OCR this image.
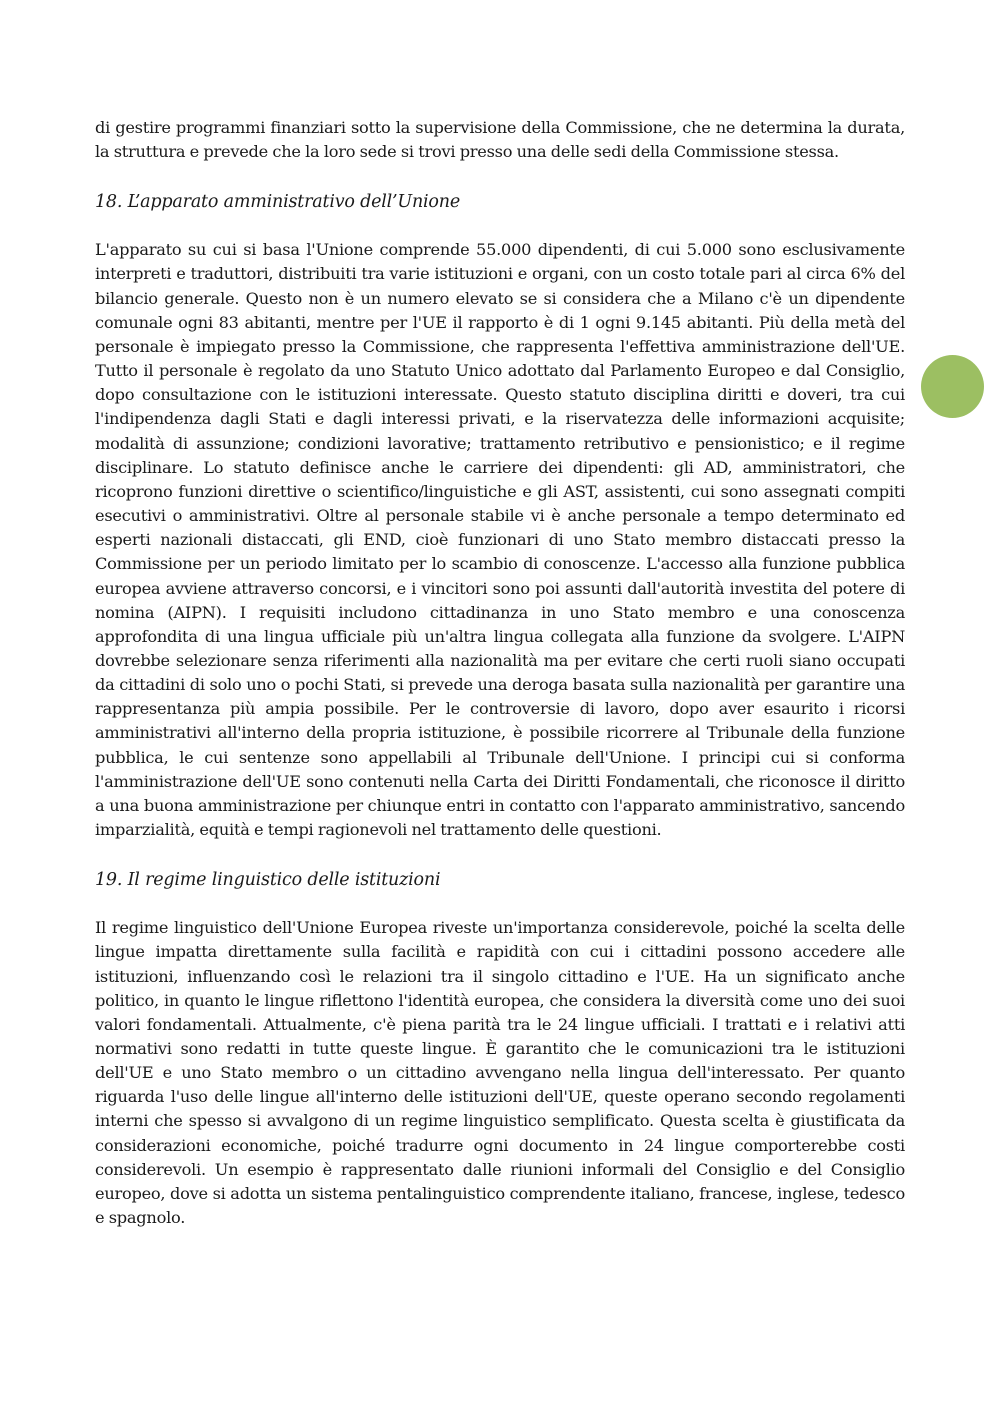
di gestire programmi finanziari sotto la supervisione della Commissione, che ne determina la durata, la struttura e prevede che la loro sede si trovi presso una delle sedi della Commissione stessa.

18. L’apparato amministrativo dell’Unione

L'apparato su cui si basa l'Unione comprende 55.000 dipendenti, di cui 5.000 sono esclusivamente interpreti e traduttori, distribuiti tra varie istituzioni e organi, con un costo totale pari al circa 6% del bilancio generale. Questo non è un numero elevato se si considera che a Milano c'è un dipendente comunale ogni 83 abitanti, mentre per l'UE il rapporto è di 1 ogni 9.145 abitanti. Più della metà del personale è impiegato presso la Commissione, che rappresenta l'effettiva amministrazione dell'UE. Tutto il personale è regolato da uno Statuto Unico adottato dal Parlamento Europeo e dal Consiglio, dopo consultazione con le istituzioni interessate. Questo statuto disciplina diritti e doveri, tra cui l'indipendenza dagli Stati e dagli interessi privati, e la riservatezza delle informazioni acquisite; modalità di assunzione; condizioni lavorative; trattamento retributivo e pensionistico; e il regime disciplinare. Lo statuto definisce anche le carriere dei dipendenti: gli AD, amministratori, che ricoprono funzioni direttive o scientifico/linguistiche e gli AST, assistenti, cui sono assegnati compiti esecutivi o amministrativi. Oltre al personale stabile vi è anche personale a tempo determinato ed esperti nazionali distaccati, gli END, cioè funzionari di uno Stato membro distaccati presso la Commissione per un periodo limitato per lo scambio di conoscenze. L'accesso alla funzione pubblica europea avviene attraverso concorsi, e i vincitori sono poi assunti dall'autorità investita del potere di nomina (AIPN). I requisiti includono cittadinanza in uno Stato membro e una conoscenza approfondita di una lingua ufficiale più un'altra lingua collegata alla funzione da svolgere. L'AIPN dovrebbe selezionare senza riferimenti alla nazionalità ma per evitare che certi ruoli siano occupati da cittadini di solo uno o pochi Stati, si prevede una deroga basata sulla nazionalità per garantire una rappresentanza più ampia possibile. Per le controversie di lavoro, dopo aver esaurito i ricorsi amministrativi all'interno della propria istituzione, è possibile ricorrere al Tribunale della funzione pubblica, le cui sentenze sono appellabili al Tribunale dell'Unione. I principi cui si conforma l'amministrazione dell'UE sono contenuti nella Carta dei Diritti Fondamentali, che riconosce il diritto a una buona amministrazione per chiunque entri in contatto con l'apparato amministrativo, sancendo imparzialità, equità e tempi ragionevoli nel trattamento delle questioni.

19. Il regime linguistico delle istituzioni

Il regime linguistico dell'Unione Europea riveste un'importanza considerevole, poiché la scelta delle lingue impatta direttamente sulla facilità e rapidità con cui i cittadini possono accedere alle istituzioni, influenzando così le relazioni tra il singolo cittadino e l'UE. Ha un significato anche politico, in quanto le lingue riflettono l'identità europea, che considera la diversità come uno dei suoi valori fondamentali. Attualmente, c'è piena parità tra le 24 lingue ufficiali. I trattati e i relativi atti normativi sono redatti in tutte queste lingue. È garantito che le comunicazioni tra le istituzioni dell'UE e uno Stato membro o un cittadino avvengano nella lingua dell'interessato. Per quanto riguarda l'uso delle lingue all'interno delle istituzioni dell'UE, queste operano secondo regolamenti interni che spesso si avvalgono di un regime linguistico semplificato. Questa scelta è giustificata da considerazioni economiche, poiché tradurre ogni documento in 24 lingue comporterebbe costi considerevoli. Un esempio è rappresentato dalle riunioni informali del Consiglio e del Consiglio europeo, dove si adotta un sistema pentalinguistico comprendente italiano, francese, inglese, tedesco e spagnolo.
